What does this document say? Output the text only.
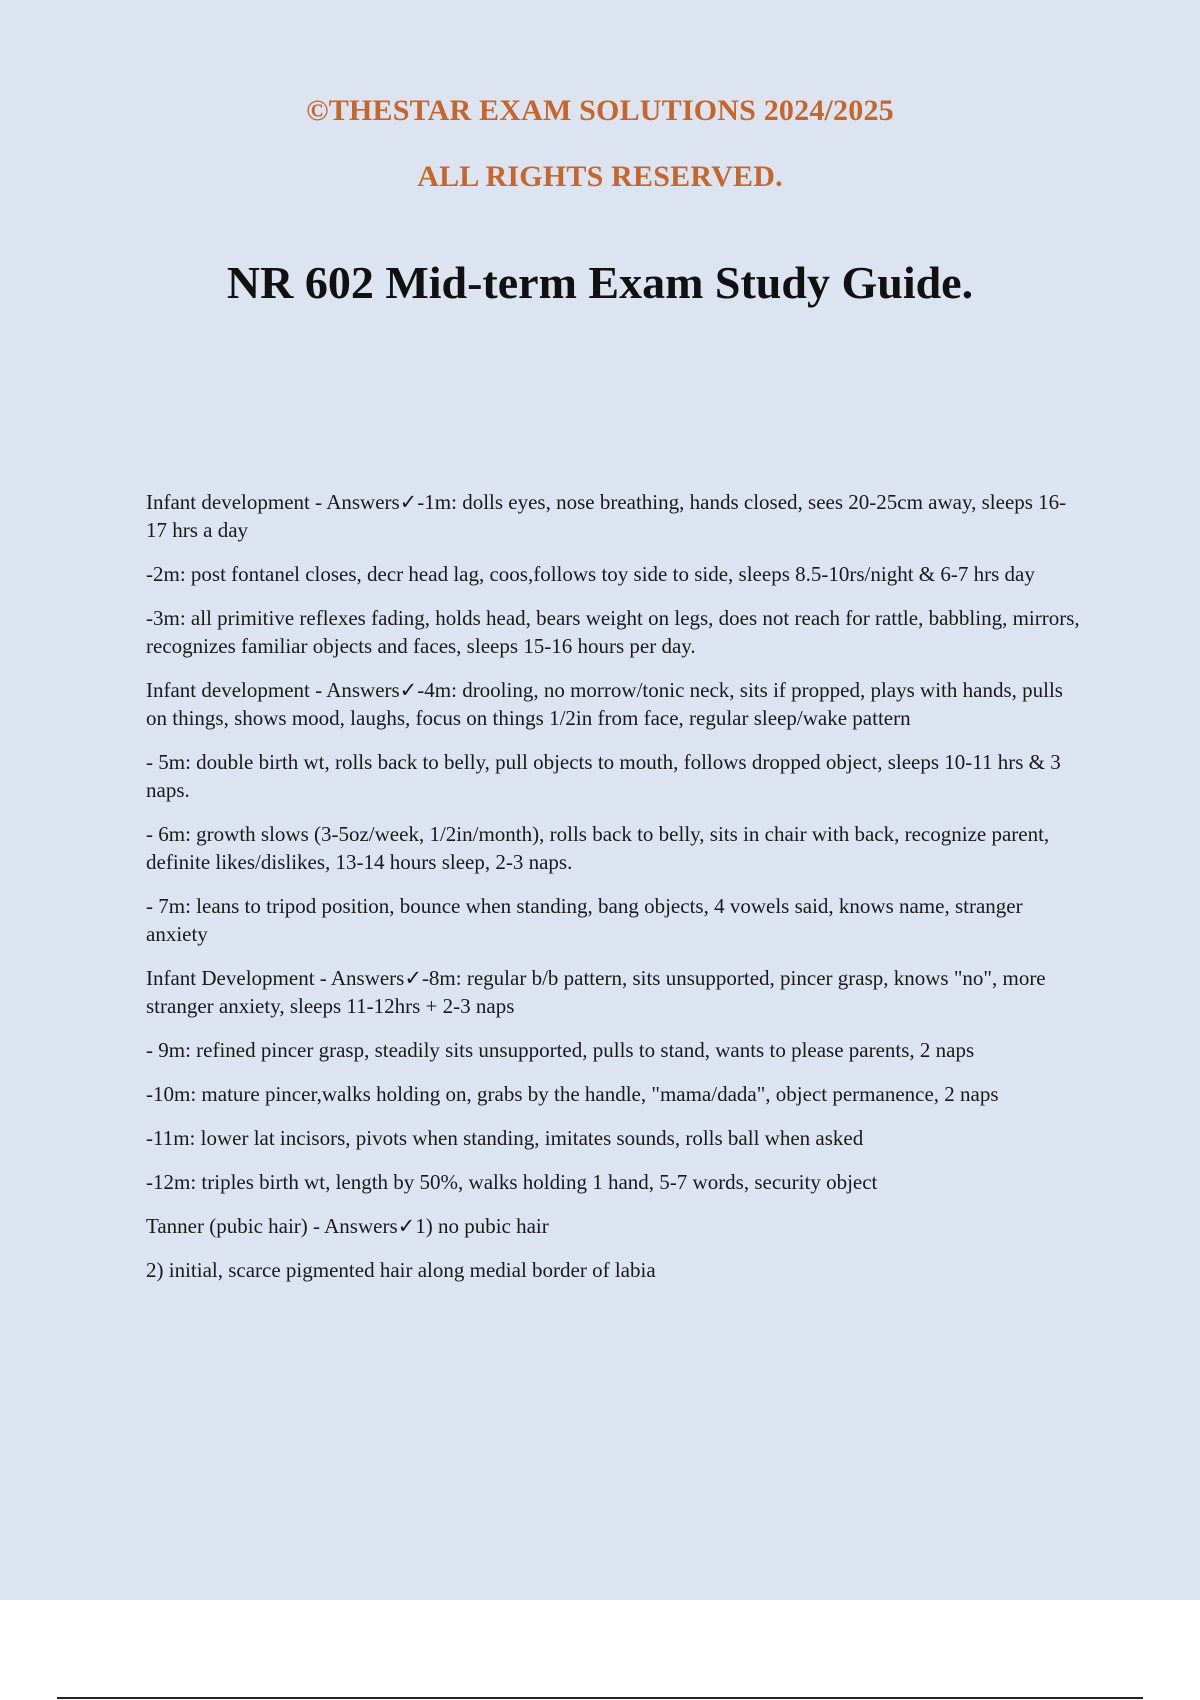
©THESTAR EXAM SOLUTIONS 2024/2025
ALL RIGHTS RESERVED.
NR 602 Mid-term Exam Study Guide.

Infant development - Answers✓-1m: dolls eyes, nose breathing, hands closed, sees 20-25cm away, sleeps 16-17 hrs a day

-2m: post fontanel closes, decr head lag, coos,follows toy side to side, sleeps 8.5-10rs/night & 6-7 hrs day

-3m: all primitive reflexes fading, holds head, bears weight on legs, does not reach for rattle, babbling, mirrors, recognizes familiar objects and faces, sleeps 15-16 hours per day.

Infant development - Answers✓-4m: drooling, no morrow/tonic neck, sits if propped, plays with hands, pulls on things, shows mood, laughs, focus on things 1/2in from face, regular sleep/wake pattern

- 5m: double birth wt, rolls back to belly, pull objects to mouth, follows dropped object, sleeps 10-11 hrs & 3 naps.

- 6m: growth slows (3-5oz/week, 1/2in/month), rolls back to belly, sits in chair with back, recognize parent, definite likes/dislikes, 13-14 hours sleep, 2-3 naps.

- 7m: leans to tripod position, bounce when standing, bang objects, 4 vowels said, knows name, stranger anxiety

Infant Development - Answers✓-8m: regular b/b pattern, sits unsupported, pincer grasp, knows "no", more stranger anxiety, sleeps 11-12hrs + 2-3 naps

- 9m: refined pincer grasp, steadily sits unsupported, pulls to stand, wants to please parents, 2 naps

-10m: mature pincer,walks holding on, grabs by the handle, "mama/dada", object permanence, 2 naps

-11m: lower lat incisors, pivots when standing, imitates sounds, rolls ball when asked

-12m: triples birth wt, length by 50%, walks holding 1 hand, 5-7 words, security object

Tanner (pubic hair) - Answers✓1) no pubic hair

2) initial, scarce pigmented hair along medial border of labia
